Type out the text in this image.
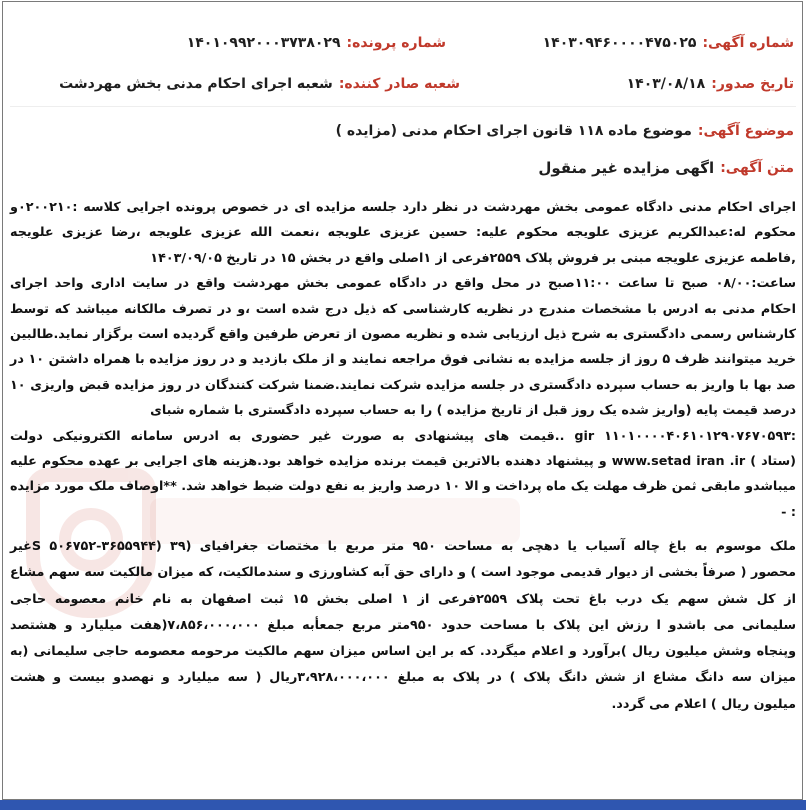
شماره آگهی:
۱۴۰۳۰۹۴۶۰۰۰۰۴۷۵۰۲۵
شماره پرونده:
۱۴۰۱۰۹۹۲۰۰۰۳۷۳۸۰۲۹
تاریخ صدور:
۱۴۰۳/۰۸/۱۸
شعبه صادر کننده:
شعبه اجرای احکام مدنی بخش مهردشت
موضوع آگهی:
موضوع ماده ۱۱۸ قانون اجرای احکام مدنی (مزایده )
متن آگهی:
اگهی مزایده غیر منقول
اجرای احکام مدنی دادگاه عمومی بخش مهردشت در نظر دارد جلسه مزایده ای در خصوص پرونده اجرایی کلاسه :۰۲۰۰۲۱۰و
محکوم له:عبدالکریم عزیزی علویجه محکوم علیه: حسین عزیزی علویجه ،نعمت الله عزیزی علویجه ،رضا عزیزی علویجه
,فاطمه عزیزی علویجه مبنی بر فروش پلاک ۲۵۵۹فرعی از ۱اصلی واقع در بخش ۱۵ در تاریخ ۱۴۰۳/۰۹/۰۵
ساعت:۰۸/۰۰ صبح تا ساعت ۱۱:۰۰صبح در محل واقع در دادگاه عمومی بخش مهردشت واقع در سایت اداری واحد اجرای
احکام مدنی به ادرس با مشخصات مندرج در نظریه کارشناسی که ذیل درج شده است ،و در تصرف مالکانه میباشد که توسط
کارشناس رسمی دادگستری به شرح ذیل ارزیابی شده و نظریه مصون از تعرض طرفین واقع گردیده است برگزار نماید.طالبین
خرید میتوانند ظرف ۵ روز از جلسه مزایده به نشانی فوق مراجعه نمایند و از ملک بازدید و در روز مزایده با همراه داشتن ۱۰ در
صد بها با واریز به حساب سپرده دادگستری در جلسه مزایده شرکت نمایند.ضمنا شرکت کنندگان در روز مزایده قبض واریزی ۱۰
درصد قیمت پایه (واریز شده یک روز قبل از تاریخ مزایده ) را به حساب سپرده دادگستری با شماره شبای
:۱۱۰۱۰۰۰۰۴۰۶۱۰۱۲۹۰۷۶۷۰۵۹۳ gir ..قیمت های پیشنهادی به صورت غیر حضوری به ادرس سامانه الکترونیکی دولت
(ستاد ) www.setad iran .ir و پیشنهاد دهنده بالاترین قیمت برنده مزایده خواهد بود.هزینه های اجرایی بر عهده محکوم علیه
میباشدو مابقی ثمن ظرف مهلت یک ماه پرداخت و الا ۱۰ درصد واریز به نفع دولت ضبط خواهد شد. **اوصاف ملک مورد مزایده
: -
ملک موسوم به باغ چاله آسیاب یا دهچی به مساحت ۹۵۰ متر مربع با مختصات جغرافیای (۳۹ (۳۶۵۵۹۴۴-۵۰۶۷۵۲ Sغیر
محصور ( صرفاً بخشی از دیوار قدیمی موجود است ) و دارای حق آبه کشاورزی و سندمالکیت، که میزان مالکیت سه سهم مشاع
از کل شش سهم یک درب باغ تحت پلاک ۲۵۵۹فرعی از ۱ اصلی بخش ۱۵ ثبت اصفهان به نام خانم معصومه حاجی
سلیمانی می باشدو ا رزش این پلاک با مساحت حدود ۹۵۰متر مربع جمعأبه مبلغ ۷،۸۵۶،۰۰۰،۰۰۰(هفت میلیارد و هشتصد
وپنجاه وشش میلیون ریال )برآورد و اعلام میگردد. که بر این اساس میزان سهم مالکیت مرحومه معصومه حاجی سلیمانی (به
میزان سه دانگ مشاع از شش دانگ پلاک ) در پلاک به مبلغ ۳،۹۲۸،۰۰۰،۰۰۰ریال ( سه میلیارد و نهصدو بیست و هشت
میلیون ریال ) اعلام می گردد.
